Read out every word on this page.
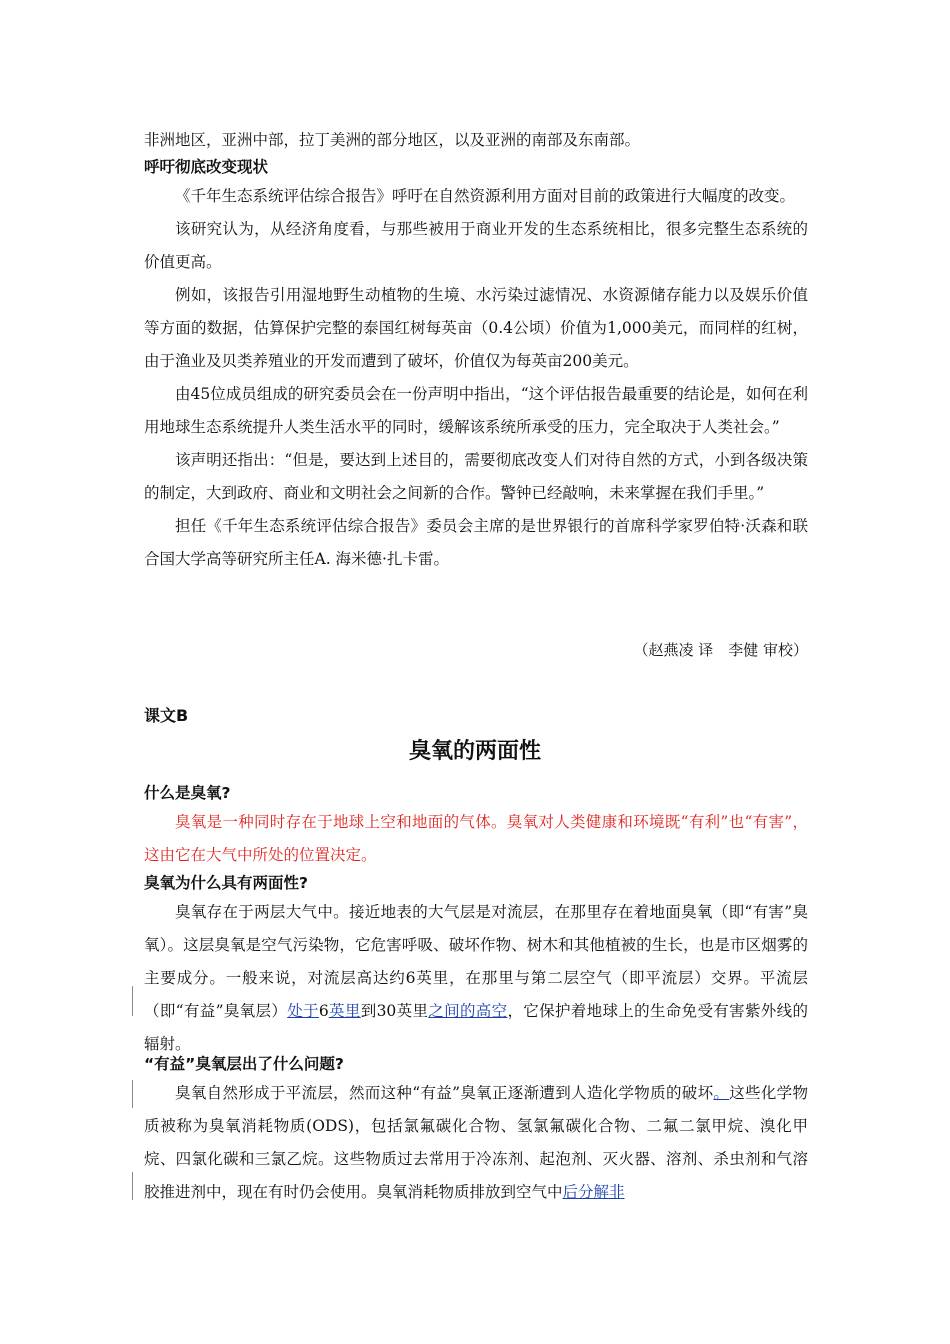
非洲地区，亚洲中部，拉丁美洲的部分地区，以及亚洲的南部及东南部。

呼吁彻底改变现状

《千年生态系统评估综合报告》呼吁在自然资源利用方面对目前的政策进行大幅度的改变。

该研究认为，从经济角度看，与那些被用于商业开发的生态系统相比，很多完整生态系统的价值更高。

例如，该报告引用湿地野生动植物的生境、水污染过滤情况、水资源储存能力以及娱乐价值等方面的数据，估算保护完整的泰国红树每英亩（0.4公顷）价值为1,000美元，而同样的红树，由于渔业及贝类养殖业的开发而遭到了破坏，价值仅为每英亩200美元。

由45位成员组成的研究委员会在一份声明中指出，“这个评估报告最重要的结论是，如何在利用地球生态系统提升人类生活水平的同时，缓解该系统所承受的压力，完全取决于人类社会。”

该声明还指出：“但是，要达到上述目的，需要彻底改变人们对待自然的方式，小到各级决策的制定，大到政府、商业和文明社会之间新的合作。警钟已经敲响，未来掌握在我们手里。”

担任《千年生态系统评估综合报告》委员会主席的是世界银行的首席科学家罗伯特·沃森和联合国大学高等研究所主任A. 海米德·扎卡雷。

（赵燕凌 译　李健 审校）
课文B
臭氧的两面性
什么是臭氧?

臭氧是一种同时存在于地球上空和地面的气体。臭氧对人类健康和环境既“有利”也“有害”，这由它在大气中所处的位置决定。

臭氧为什么具有两面性?

臭氧存在于两层大气中。接近地表的大气层是对流层，在那里存在着地面臭氧（即“有害”臭氧）。这层臭氧是空气污染物，它危害呼吸、破坏作物、树木和其他植被的生长，也是市区烟雾的主要成分。一般来说，对流层高达约6英里，在那里与第二层空气（即平流层）交界。平流层（即“有益”臭氧层）处于6英里到30英里之间的高空，它保护着地球上的生命免受有害紫外线的辐射。

“有益”臭氧层出了什么问题?

臭氧自然形成于平流层，然而这种“有益”臭氧正逐渐遭到人造化学物质的破坏。这些化学物质被称为臭氧消耗物质(ODS)，包括氯氟碳化合物、氢氯氟碳化合物、二氟二氯甲烷、溴化甲烷、四氯化碳和三氯乙烷。这些物质过去常用于冷冻剂、起泡剂、灭火器、溶剂、杀虫剂和气溶胶推进剂中，现在有时仍会使用。臭氧消耗物质排放到空气中后分解非
